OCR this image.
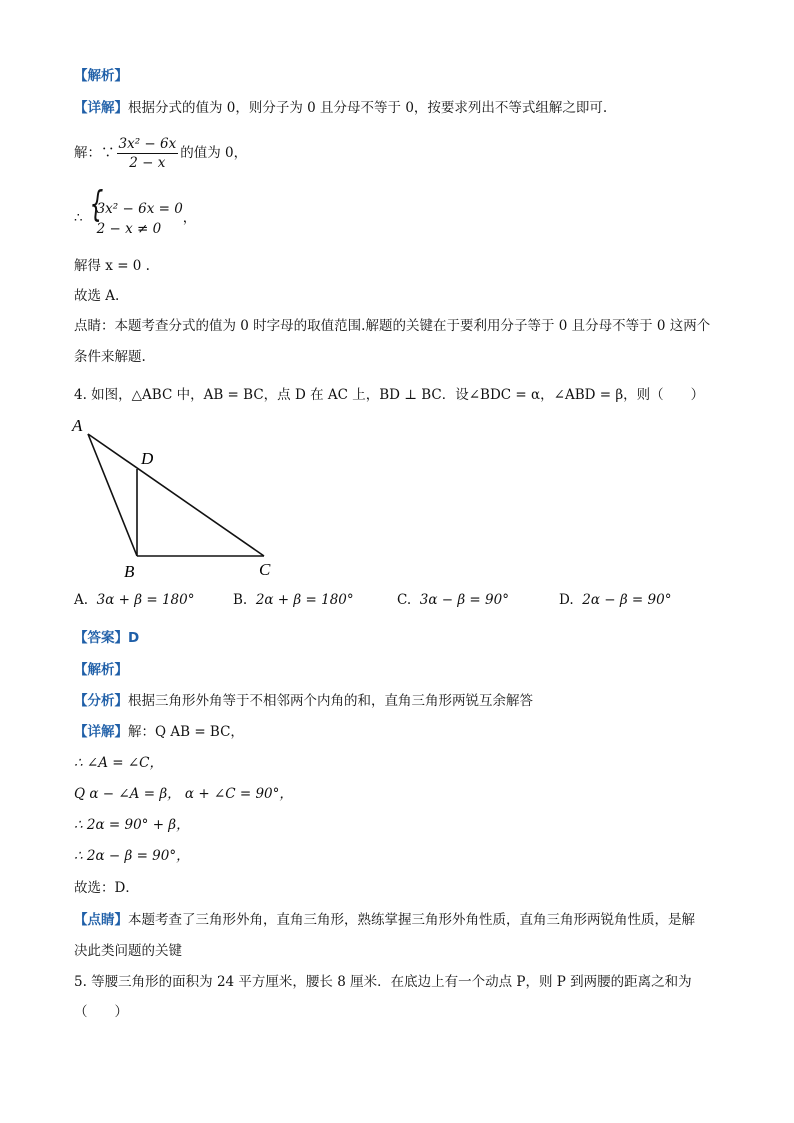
【解析】
【详解】根据分式的值为 0，则分子为 0 且分母不等于 0，按要求列出不等式组解之即可.
解：∵ $\frac{\text{3x² − 6x}}{2 - x}$ 的值为 0，
∴ {
3x² − 6x = 0
2 − x ≠ 0
，
解得 x = 0 .
故选 A.
点睛：本题考查分式的值为 0 时字母的取值范围.解题的关键在于要利用分子等于 0 且分母不等于 0 这两个
条件来解题.
4. 如图，△ABC 中，AB = BC，点 D 在 AC 上，BD ⊥ BC．设∠BDC = α，∠ABD = β，则（　　）
A
D
B	C
A. 3α + β = 180°	B. 2α + β = 180°	C. 3α − β = 90°	D. 2α − β = 90°
【答案】D
【解析】
【分析】根据三角形外角等于不相邻两个内角的和，直角三角形两锐互余解答
【详解】解：Q AB = BC，
∴ ∠A = ∠C，
Q α − ∠A = β， α + ∠C = 90°，
∴ 2α = 90° + β，
∴ 2α − β = 90°，
故选：D．
【点睛】本题考查了三角形外角，直角三角形，熟练掌握三角形外角性质，直角三角形两锐角性质，是解
决此类问题的关键
5. 等腰三角形的面积为 24 平方厘米，腰长 8 厘米．在底边上有一个动点 P，则 P 到两腰的距离之和为
（　　）
